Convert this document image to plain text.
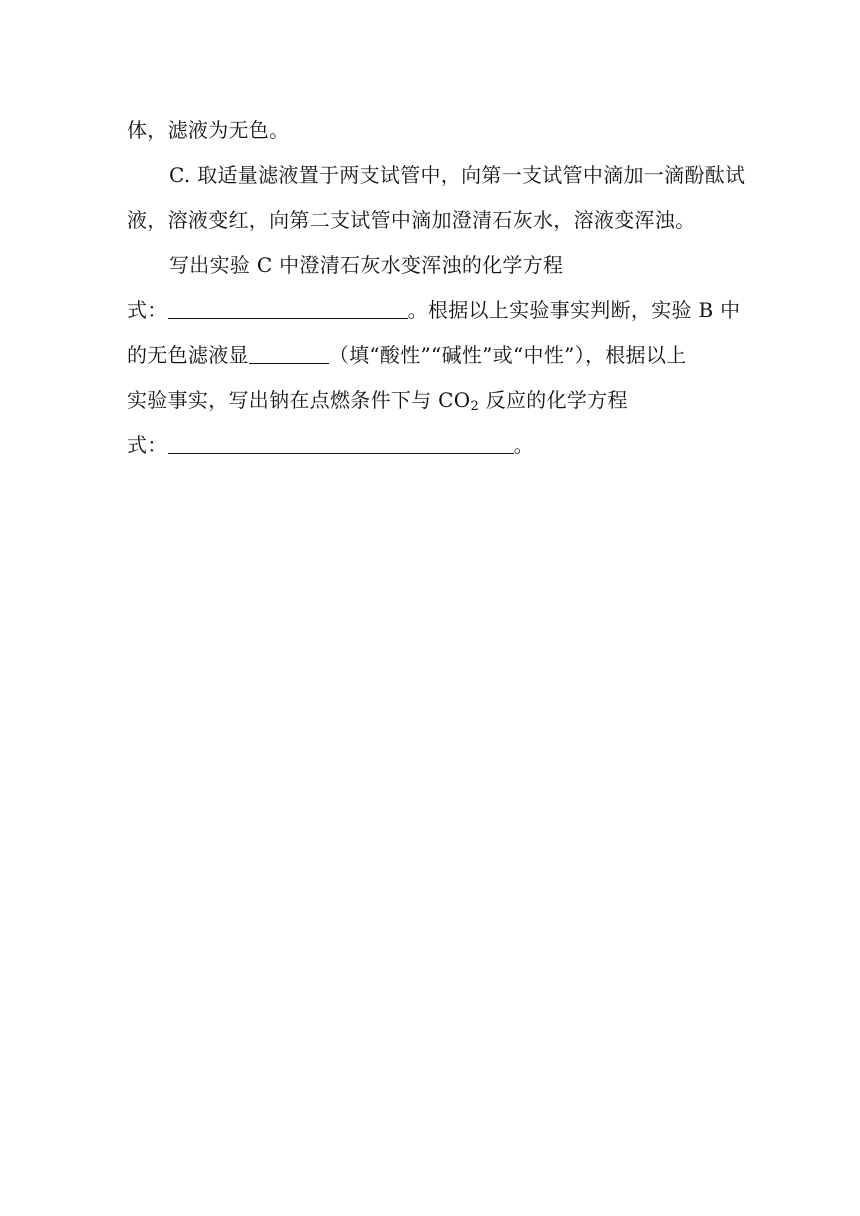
体，滤液为无色。
C. 取适量滤液置于两支试管中，向第一支试管中滴加一滴酚酞试
液，溶液变红，向第二支试管中滴加澄清石灰水，溶液变浑浊。
写出实验 C 中澄清石灰水变浑浊的化学方程
式：	。根据以上实验事实判断，实验 B 中
的无色滤液显	（填“酸性”“碱性”或“中性”），根据以上
实验事实，写出钠在点燃条件下与 $CO_2$ 反应的化学方程
式：	。
